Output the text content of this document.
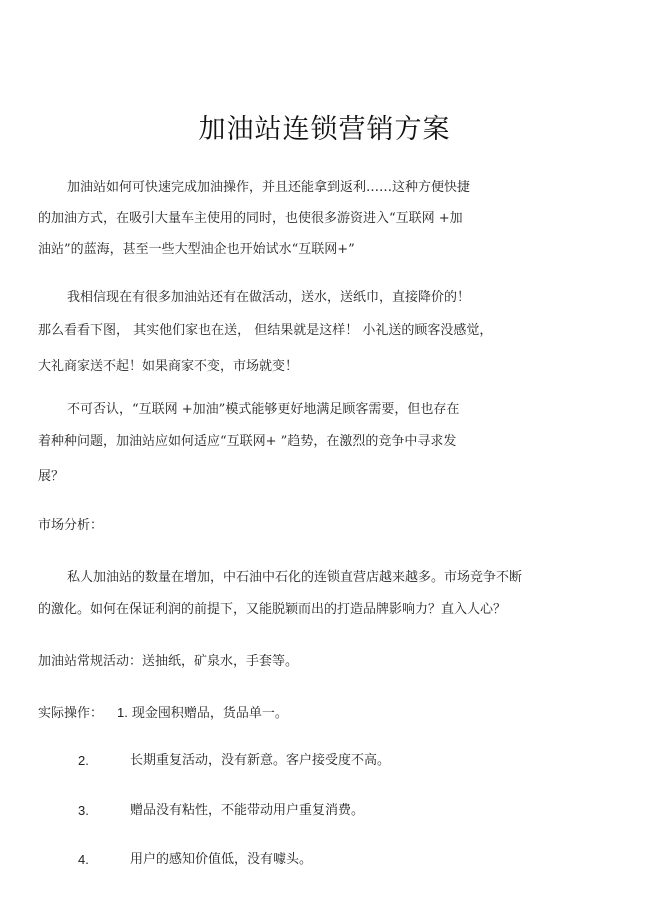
加油站连锁营销方案
加油站如何可快速完成加油操作，并且还能拿到返利……这种方便快捷
的加油方式，在吸引大量车主使用的同时，也使很多游资进入“互联网 +加
油站”的蓝海，甚至一些大型油企也开始试水“互联网+”
我相信现在有很多加油站还有在做活动，送水，送纸巾，直接降价的！
那么看看下图， 其实他们家也在送， 但结果就是这样！ 小礼送的顾客没感觉，
大礼商家送不起！如果商家不变，市场就变！
不可否认，“互联网 +加油”模式能够更好地满足顾客需要，但也存在
着种种问题，加油站应如何适应“互联网+ ”趋势，在激烈的竞争中寻求发
展？
市场分析：
私人加油站的数量在增加，中石油中石化的连锁直营店越来越多。市场竞争不断
的激化。如何在保证利润的前提下，又能脱颖而出的打造品牌影响力？直入人心？
加油站常规活动：送抽纸，矿泉水，手套等。
实际操作： 1. 现金囤积赠品，货品单一。
2.	长期重复活动，没有新意。客户接受度不高。
3.	赠品没有粘性，不能带动用户重复消费。
4.	用户的感知价值低，没有噱头。
